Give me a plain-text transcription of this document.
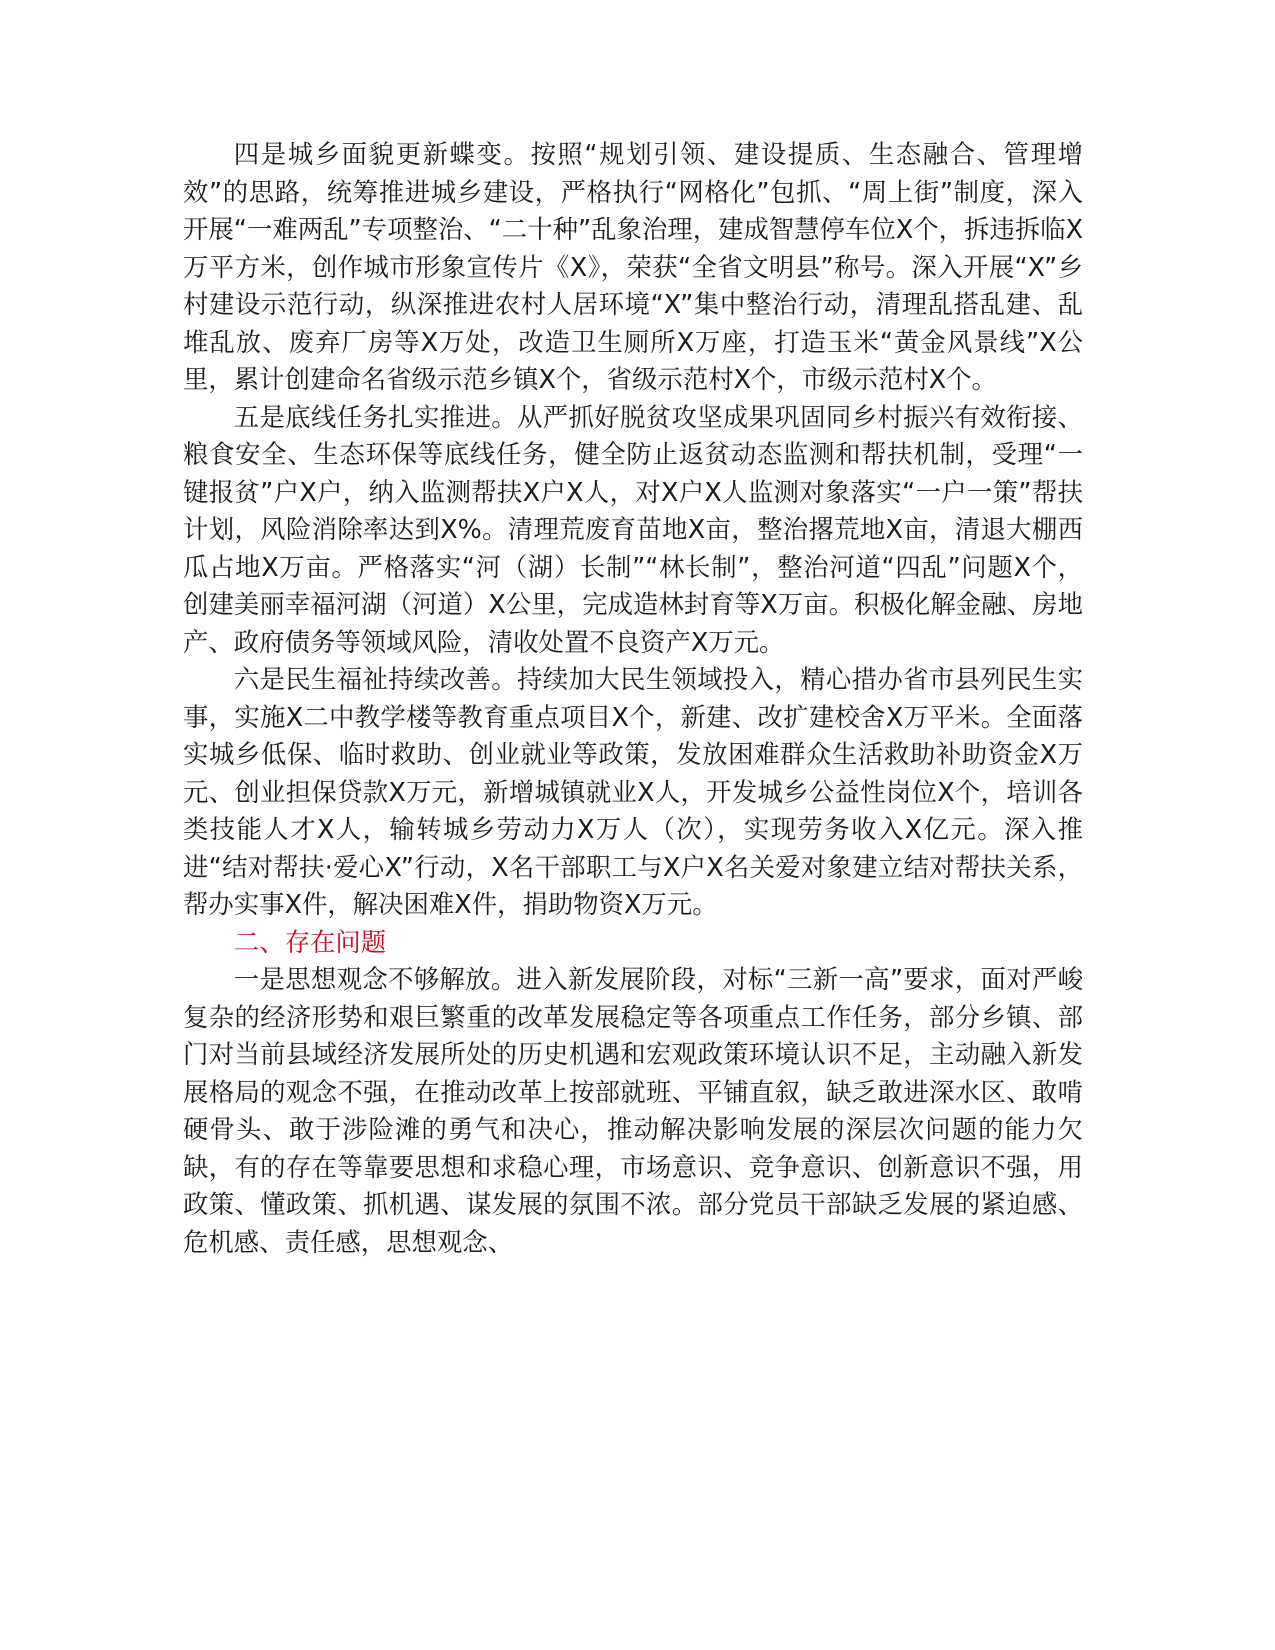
四是城乡面貌更新蝶变。按照“规划引领、建设提质、生态融合、管理增效”的思路，统筹推进城乡建设，严格执行“网格化”包抓、“周上街”制度，深入开展“一难两乱”专项整治、“二十种”乱象治理，建成智慧停车位X个，拆违拆临X万平方米，创作城市形象宣传片《X》，荣获“全省文明县”称号。深入开展“X”乡村建设示范行动，纵深推进农村人居环境“X”集中整治行动，清理乱搭乱建、乱堆乱放、废弃厂房等X万处，改造卫生厕所X万座，打造玉米“黄金风景线”X公里，累计创建命名省级示范乡镇X个，省级示范村X个，市级示范村X个。

五是底线任务扎实推进。从严抓好脱贫攻坚成果巩固同乡村振兴有效衔接、粮食安全、生态环保等底线任务，健全防止返贫动态监测和帮扶机制，受理“一键报贫”户X户，纳入监测帮扶X户X人，对X户X人监测对象落实“一户一策”帮扶计划，风险消除率达到X%。清理荒废育苗地X亩，整治撂荒地X亩，清退大棚西瓜占地X万亩。严格落实“河（湖）长制”“林长制”，整治河道“四乱”问题X个，创建美丽幸福河湖（河道）X公里，完成造林封育等X万亩。积极化解金融、房地产、政府债务等领域风险，清收处置不良资产X万元。

六是民生福祉持续改善。持续加大民生领域投入，精心措办省市县列民生实事，实施X二中教学楼等教育重点项目X个，新建、改扩建校舍X万平米。全面落实城乡低保、临时救助、创业就业等政策，发放困难群众生活救助补助资金X万元、创业担保贷款X万元，新增城镇就业X人，开发城乡公益性岗位X个，培训各类技能人才X人，输转城乡劳动力X万人（次），实现劳务收入X亿元。深入推进“结对帮扶·爱心X”行动，X名干部职工与X户X名关爱对象建立结对帮扶关系，帮办实事X件，解决困难X件，捐助物资X万元。

二、存在问题

一是思想观念不够解放。进入新发展阶段，对标“三新一高”要求，面对严峻复杂的经济形势和艰巨繁重的改革发展稳定等各项重点工作任务，部分乡镇、部门对当前县域经济发展所处的历史机遇和宏观政策环境认识不足，主动融入新发展格局的观念不强，在推动改革上按部就班、平铺直叙，缺乏敢进深水区、敢啃硬骨头、敢于涉险滩的勇气和决心，推动解决影响发展的深层次问题的能力欠缺，有的存在等靠要思想和求稳心理，市场意识、竞争意识、创新意识不强，用政策、懂政策、抓机遇、谋发展的氛围不浓。部分党员干部缺乏发展的紧迫感、危机感、责任感，思想观念、
